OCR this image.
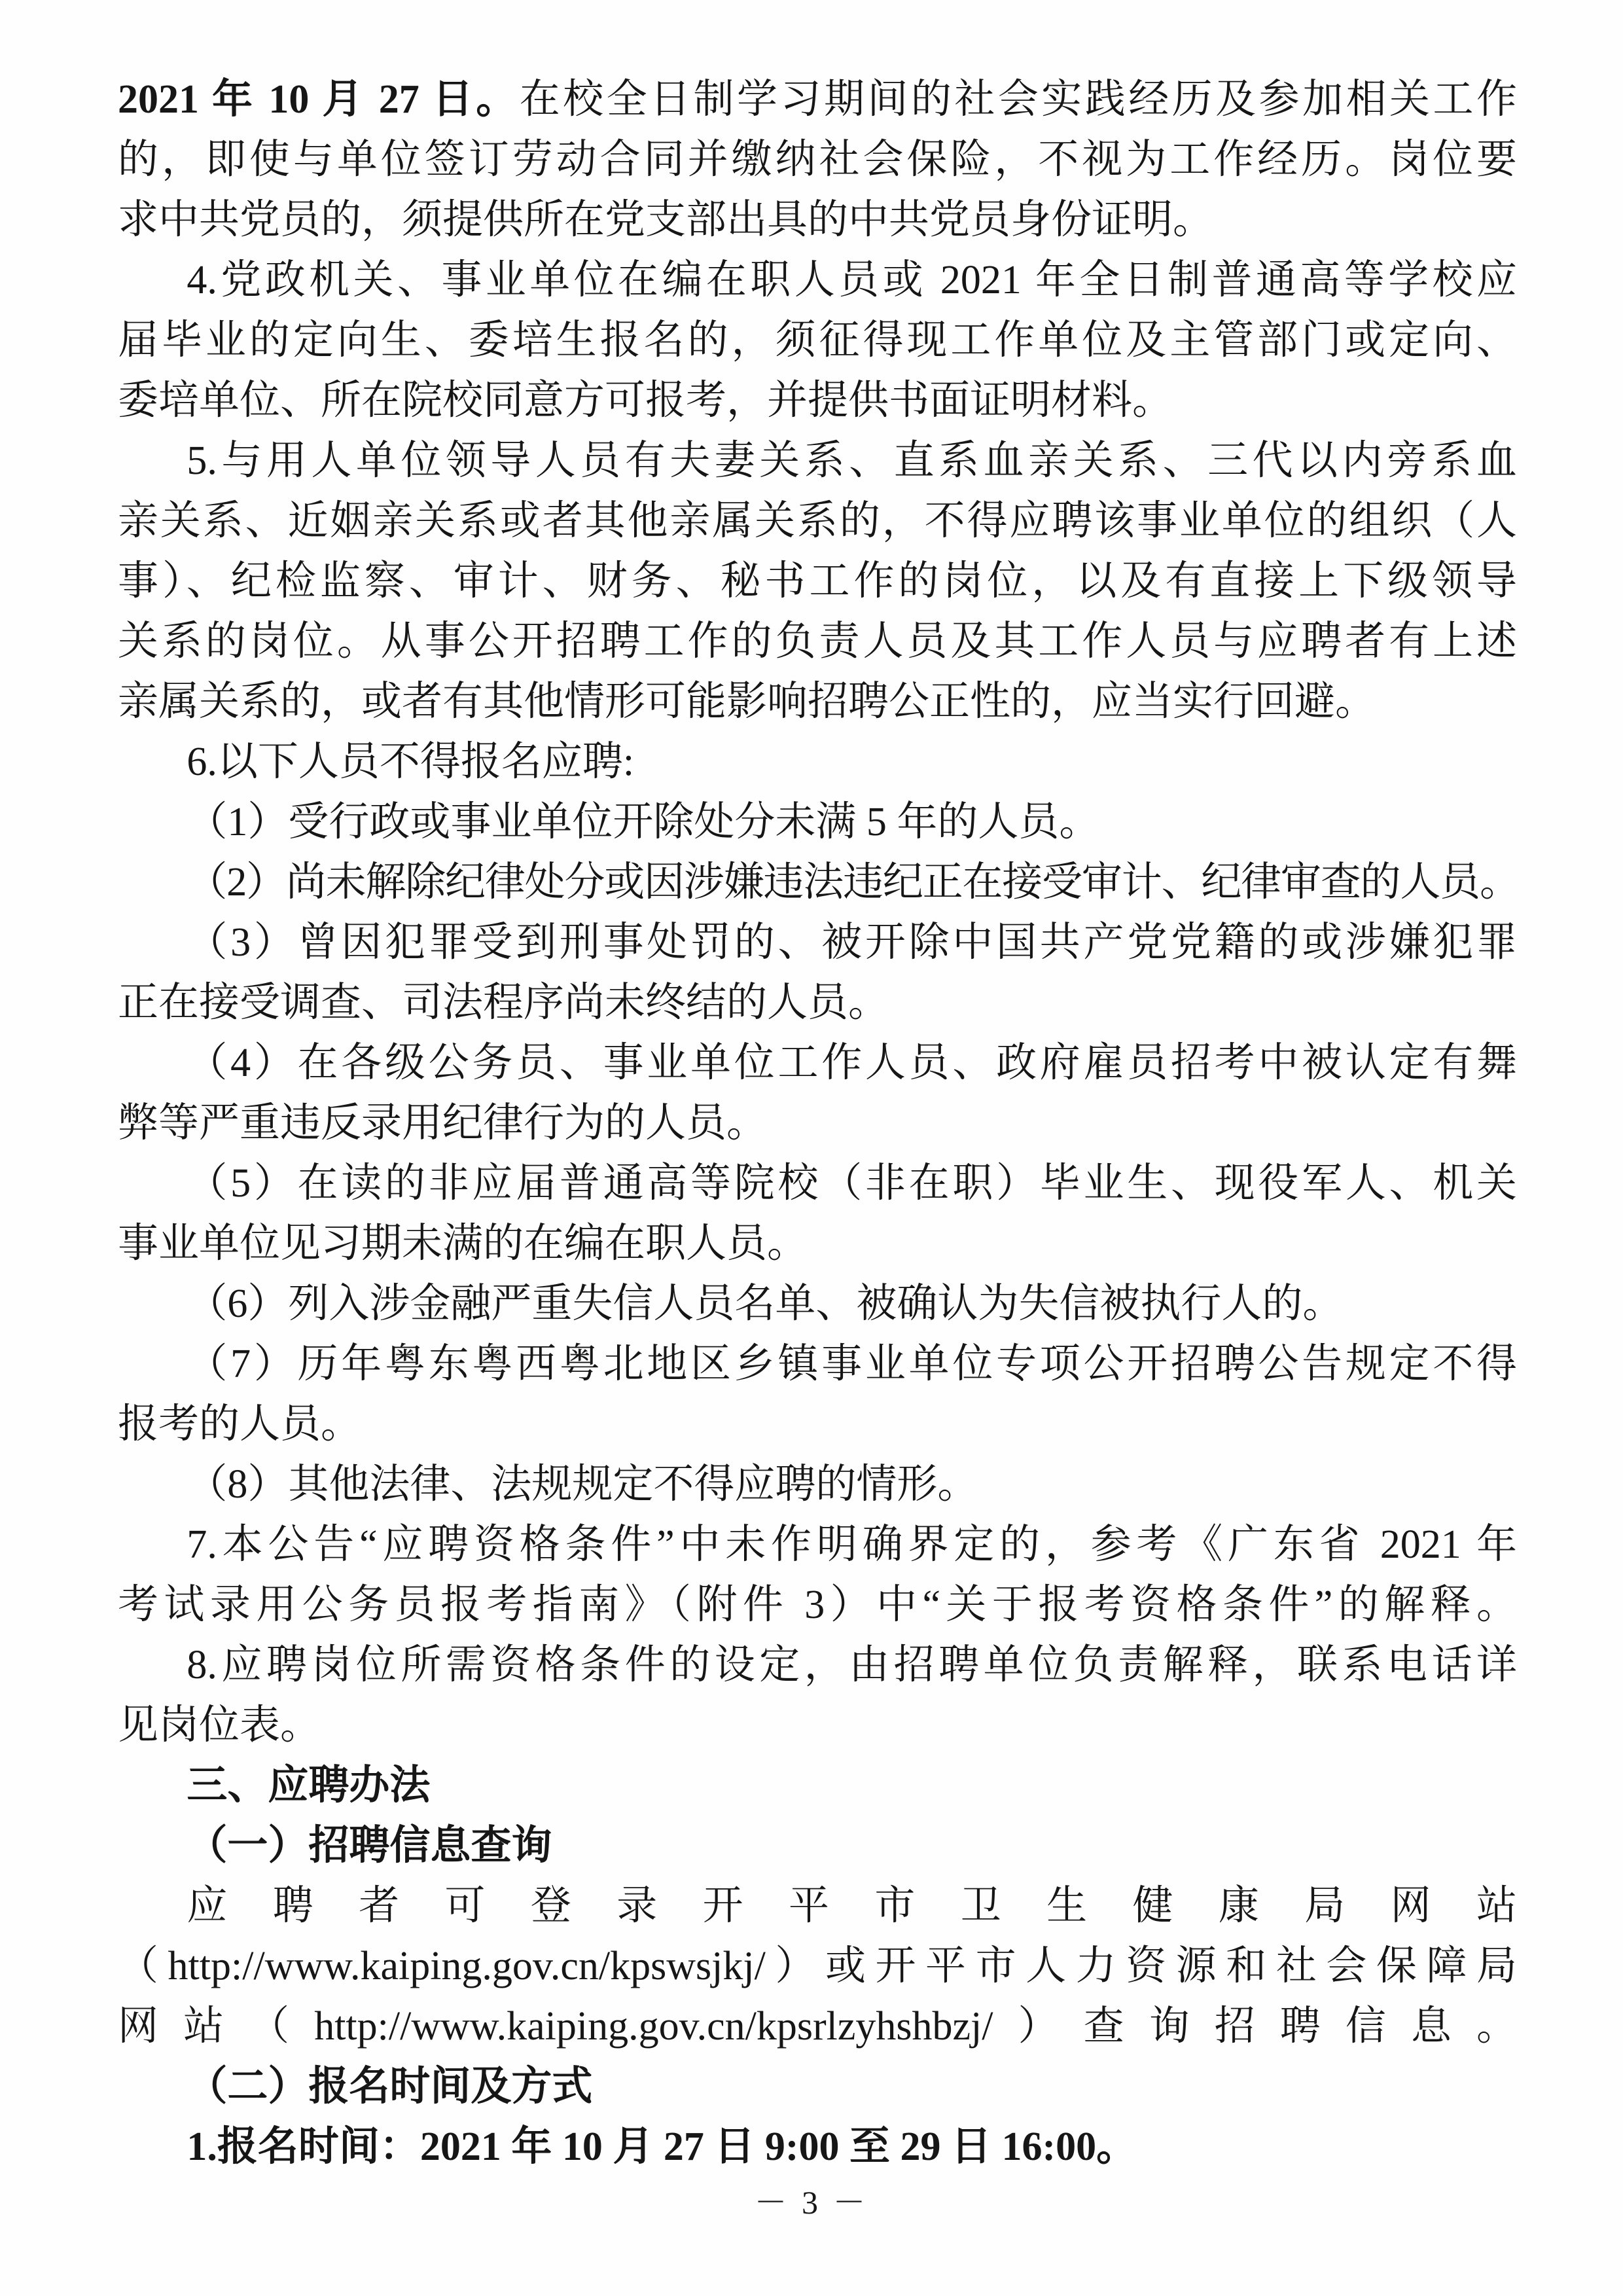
2021 年 10 月 27 日。在校全日制学习期间的社会实践经历及参加相关工作

的，即使与单位签订劳动合同并缴纳社会保险，不视为工作经历。岗位要

求中共党员的，须提供所在党支部出具的中共党员身份证明。

4.党政机关、事业单位在编在职人员或 2021 年全日制普通高等学校应

届毕业的定向生、委培生报名的，须征得现工作单位及主管部门或定向、

委培单位、所在院校同意方可报考，并提供书面证明材料。

5.与用人单位领导人员有夫妻关系、直系血亲关系、三代以内旁系血

亲关系、近姻亲关系或者其他亲属关系的，不得应聘该事业单位的组织（人

事）、纪检监察、审计、财务、秘书工作的岗位，以及有直接上下级领导

关系的岗位。从事公开招聘工作的负责人员及其工作人员与应聘者有上述

亲属关系的，或者有其他情形可能影响招聘公正性的，应当实行回避。

6.以下人员不得报名应聘:

（1）受行政或事业单位开除处分未满 5 年的人员。

（2）尚未解除纪律处分或因涉嫌违法违纪正在接受审计、纪律审查的人员。

（3）曾因犯罪受到刑事处罚的、被开除中国共产党党籍的或涉嫌犯罪

正在接受调查、司法程序尚未终结的人员。

（4）在各级公务员、事业单位工作人员、政府雇员招考中被认定有舞

弊等严重违反录用纪律行为的人员。

（5）在读的非应届普通高等院校（非在职）毕业生、现役军人、机关

事业单位见习期未满的在编在职人员。

（6）列入涉金融严重失信人员名单、被确认为失信被执行人的。

（7）历年粤东粤西粤北地区乡镇事业单位专项公开招聘公告规定不得

报考的人员。

（8）其他法律、法规规定不得应聘的情形。

7.本公告“应聘资格条件”中未作明确界定的，参考《广东省 2021 年

考试录用公务员报考指南》（附件 3）中“关于报考资格条件”的解释。

8.应聘岗位所需资格条件的设定，由招聘单位负责解释，联系电话详

见岗位表。

三、应聘办法

（一）招聘信息查询

应聘者可登录开平市卫生健康局网站

（http://www.kaiping.gov.cn/kpswsjkj/）或开平市人力资源和社会保障局

网站（http://www.kaiping.gov.cn/kpsrlzyhshbzj/）查询招聘信息。

（二）报名时间及方式

1.报名时间：2021 年 10 月 27 日 9:00 至 29 日 16:00。

－ 3 －
